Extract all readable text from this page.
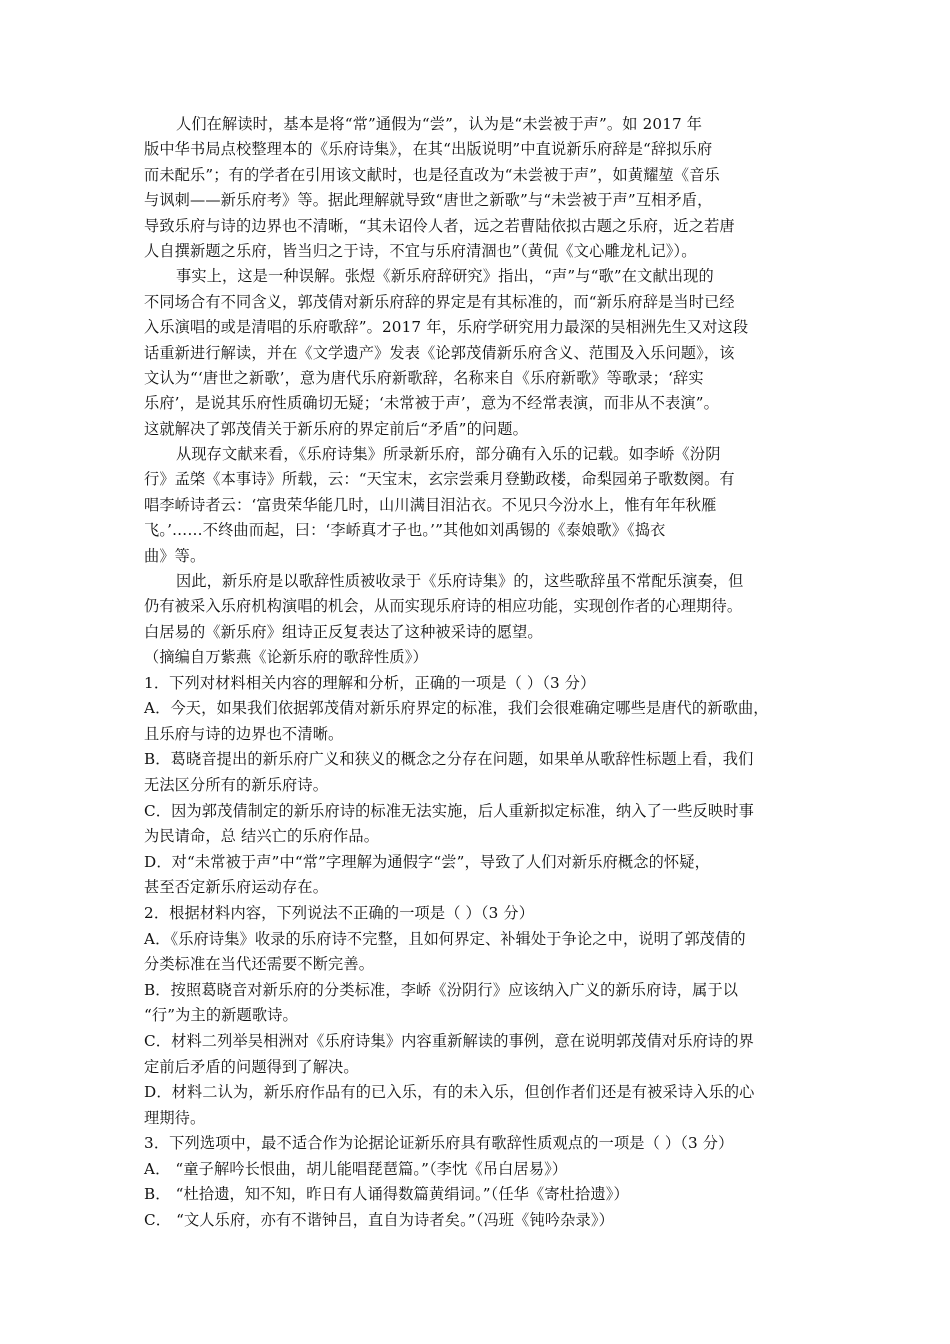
人们在解读时，基本是将“常”通假为“尝”，认为是“未尝被于声”。如 2017 年
版中华书局点校整理本的《乐府诗集》，在其“出版说明”中直说新乐府辞是“辞拟乐府
而未配乐”；有的学者在引用该文献时，也是径直改为“未尝被于声”，如黄耀堃《音乐
与讽刺——新乐府考》等。据此理解就导致“唐世之新歌”与“未尝被于声”互相矛盾，
导致乐府与诗的边界也不清晰，“其未诏伶人者，远之若曹陆依拟古题之乐府，近之若唐
人自撰新题之乐府，皆当归之于诗，不宜与乐府清涸也”（黄侃《文心雕龙札记》）。
事实上，这是一种误解。张煜《新乐府辞研究》指出，“声”与“歌”在文献出现的
不同场合有不同含义，郭茂倩对新乐府辞的界定是有其标准的，而“新乐府辞是当时已经
入乐演唱的或是清唱的乐府歌辞”。2017 年，乐府学研究用力最深的吴相洲先生又对这段
话重新进行解读，并在《文学遗产》发表《论郭茂倩新乐府含义、范围及入乐问题》，该
文认为“‘唐世之新歌’，意为唐代乐府新歌辞，名称来自《乐府新歌》等歌录；‘辞实
乐府’，是说其乐府性质确切无疑；‘未常被于声’，意为不经常表演，而非从不表演”。
这就解决了郭茂倩关于新乐府的界定前后“矛盾”的问题。
从现存文献来看，《乐府诗集》所录新乐府，部分确有入乐的记载。如李峤《汾阴
行》孟棨《本事诗》所载，云：“天宝末，玄宗尝乘月登勤政楼，命梨园弟子歌数阕。有
唱李峤诗者云：‘富贵荣华能几时，山川满目泪沾衣。不见只今汾水上，惟有年年秋雁
飞。’……不终曲而起，曰：‘李峤真才子也。’”其他如刘禹锡的《泰娘歌》《捣衣
曲》等。
因此，新乐府是以歌辞性质被收录于《乐府诗集》的，这些歌辞虽不常配乐演奏，但
仍有被采入乐府机构演唱的机会，从而实现乐府诗的相应功能，实现创作者的心理期待。
白居易的《新乐府》组诗正反复表达了这种被采诗的愿望。
（摘编自万紫燕《论新乐府的歌辞性质》）
1．下列对材料相关内容的理解和分析，正确的一项是（ ）（3 分）
A．今天，如果我们依据郭茂倩对新乐府界定的标准，我们会很难确定哪些是唐代的新歌曲，
且乐府与诗的边界也不清晰。
B．葛晓音提出的新乐府广义和狭义的概念之分存在问题，如果单从歌辞性标题上看，我们
无法区分所有的新乐府诗。
C．因为郭茂倩制定的新乐府诗的标准无法实施，后人重新拟定标准，纳入了一些反映时事
为民请命，总 结兴亡的乐府作品。
D．对“未常被于声”中“常”字理解为通假字“尝”，导致了人们对新乐府概念的怀疑，
甚至否定新乐府运动存在。
2．根据材料内容，下列说法不正确的一项是（ ）（3 分）
A．《乐府诗集》收录的乐府诗不完整，且如何界定、补辑处于争论之中，说明了郭茂倩的
分类标准在当代还需要不断完善。
B．按照葛晓音对新乐府的分类标准，李峤《汾阴行》应该纳入广义的新乐府诗，属于以
“行”为主的新题歌诗。
C．材料二列举吴相洲对《乐府诗集》内容重新解读的事例，意在说明郭茂倩对乐府诗的界
定前后矛盾的问题得到了解决。
D．材料二认为，新乐府作品有的已入乐，有的未入乐，但创作者们还是有被采诗入乐的心
理期待。
3．下列选项中，最不适合作为论据论证新乐府具有歌辞性质观点的一项是（ ）（3 分）
A． “童子解吟长恨曲，胡儿能唱琵琶篇。”（李忱《吊白居易》）
B． “杜拾遗，知不知，昨日有人诵得数篇黄绢词。”（任华《寄杜拾遗》）
C． “文人乐府，亦有不谐钟吕，直自为诗者矣。”（冯班《钝吟杂录》）
